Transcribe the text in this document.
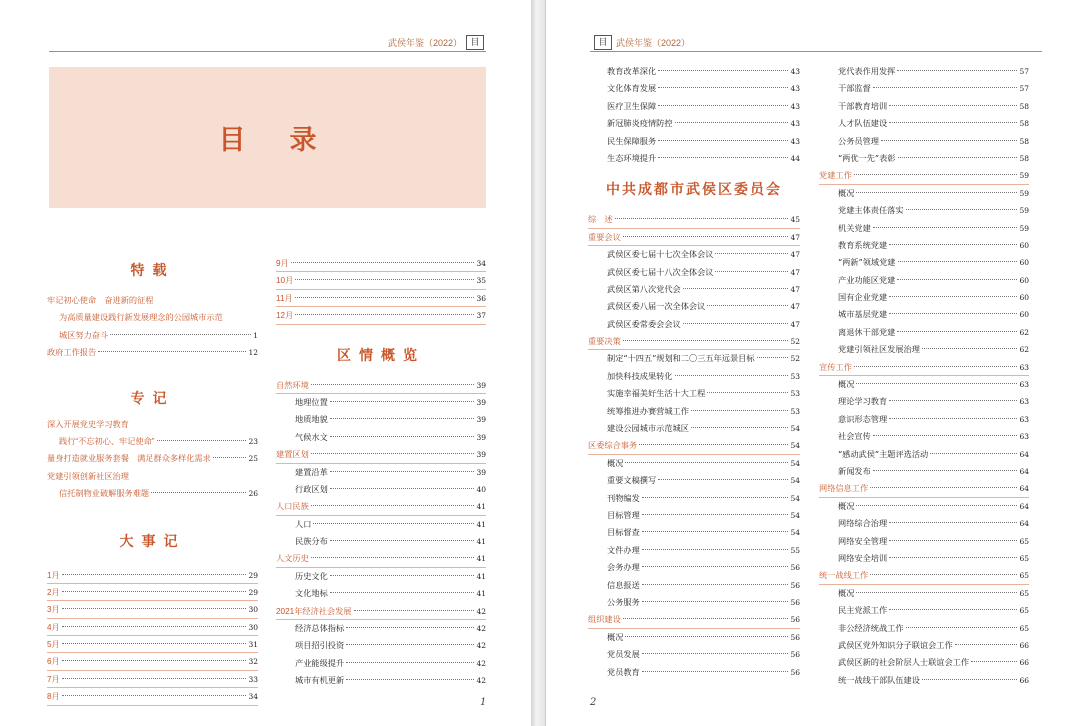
武侯年鉴（2022） 目
目录
特载
牢记初心使命　奋进新的征程
为高质量建设践行新发展理念的公园城市示范
城区努力奋斗	1
政府工作报告	12
专记
深入开展党史学习教育
践行“不忘初心、牢记使命”	23
量身打造就业服务套餐　满足群众多样化需求	25
党建引领创新社区治理
信托制物业破解服务难题	26
大事记
1月	29
2月	29
3月	30
4月	30
5月	31
6月	32
7月	33
8月	34
9月	34
10月	35
11月	36
12月	37
区情概览
自然环境	39
地理位置	39
地质地貌	39
气候水文	39
建置区划	39
建置沿革	39
行政区划	40
人口民族	41
人口	41
民族分布	41
人文历史	41
历史文化	41
文化地标	41
2021年经济社会发展	42
经济总体指标	42
项目招引投资	42
产业能级提升	42
城市有机更新	42
1
目 武侯年鉴（2022）
教育改革深化	43
文化体育发展	43
医疗卫生保障	43
新冠肺炎疫情防控	43
民生保障服务	43
生态环境提升	44
中共成都市武侯区委员会
综　述	45
重要会议	47
武侯区委七届十七次全体会议	47
武侯区委七届十八次全体会议	47
武侯区第八次党代会	47
武侯区委八届一次全体会议	47
武侯区委常委会会议	47
重要决策	52
制定“十四五”规划和二〇三五年远景目标	52
加快科技成果转化	53
实施幸福美好生活十大工程	53
统筹推进办赛营城工作	53
建设公园城市示范城区	54
区委综合事务	54
概况	54
重要文稿撰写	54
刊物编发	54
目标管理	54
目标督查	54
文件办理	55
会务办理	56
信息报送	56
公务服务	56
组织建设	56
概况	56
党员发展	56
党员教育	56
党代表作用发挥	57
干部监督	57
干部教育培训	58
人才队伍建设	58
公务员管理	58
“两优一先”表彰	58
党建工作	59
概况	59
党建主体责任落实	59
机关党建	59
教育系统党建	60
“两新”领域党建	60
产业功能区党建	60
国有企业党建	60
城市基层党建	60
离退休干部党建	62
党建引领社区发展治理	62
宣传工作	63
概况	63
理论学习教育	63
意识形态管理	63
社会宣传	63
“感动武侯”主题评选活动	64
新闻发布	64
网络信息工作	64
概况	64
网络综合治理	64
网络安全管理	65
网络安全培训	65
统一战线工作	65
概况	65
民主党派工作	65
非公经济统战工作	65
武侯区党外知识分子联谊会工作	66
武侯区新的社会阶层人士联谊会工作	66
统一战线干部队伍建设	66
2
